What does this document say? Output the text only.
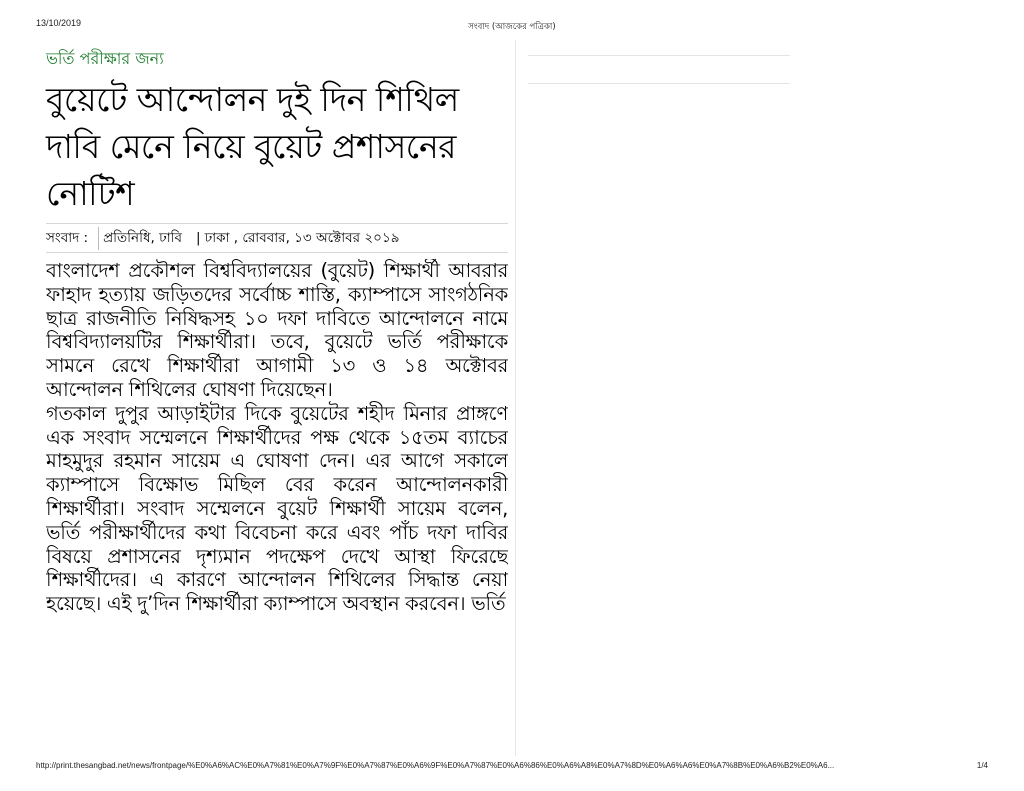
13/10/2019	সংবাদ (আজকের পত্রিকা)
ভর্তি পরীক্ষার জন্য
বুয়েটে আন্দোলন দুই দিন শিথিল দাবি মেনে নিয়ে বুয়েট প্রশাসনের নোটিশ
সংবাদ :	প্রতিনিধি, ঢাবি	| ঢাকা , রোববার, ১৩ অক্টোবর ২০১৯

বাংলাদেশ প্রকৌশল বিশ্ববিদ্যালয়ের (বুয়েট) শিক্ষার্থী আবরার ফাহাদ হত্যায় জড়িতদের সর্বোচ্চ শাস্তি, ক্যাম্পাসে সাংগঠনিক ছাত্র রাজনীতি নিষিদ্ধসহ ১০ দফা দাবিতে আন্দোলনে নামে বিশ্ববিদ্যালয়টির শিক্ষার্থীরা। তবে, বুয়েটে ভর্তি পরীক্ষাকে সামনে রেখে শিক্ষার্থীরা আগামী ১৩ ও ১৪ অক্টোবর আন্দোলন শিথিলের ঘোষণা দিয়েছেন।

গতকাল দুপুর আড়াইটার দিকে বুয়েটের শহীদ মিনার প্রাঙ্গণে এক সংবাদ সম্মেলনে শিক্ষার্থীদের পক্ষ থেকে ১৫তম ব্যাচের মাহমুদুর রহমান সায়েম এ ঘোষণা দেন। এর আগে সকালে ক্যাম্পাসে বিক্ষোভ মিছিল বের করেন আন্দোলনকারী শিক্ষার্থীরা। সংবাদ সম্মেলনে বুয়েট শিক্ষার্থী সায়েম বলেন, ভর্তি পরীক্ষার্থীদের কথা বিবেচনা করে এবং পাঁচ দফা দাবির বিষয়ে প্রশাসনের দৃশ্যমান পদক্ষেপ দেখে আস্থা ফিরেছে শিক্ষার্থীদের। এ কারণে আন্দোলন শিথিলের সিদ্ধান্ত নেয়া হয়েছে। এই দু’দিন শিক্ষার্থীরা ক্যাম্পাসে অবস্থান করবেন। ভর্তি

http://print.thesangbad.net/news/frontpage/%E0%A6%AC%E0%A7%81%E0%A7%9F%E0%A7%87%E0%A6%9F%E0%A7%87%E0%A6%86%E0%A6%A8%E0%A7%8D%E0%A6%A6%E0%A7%8B%E0%A6%B2%E0%A6...	1/4
